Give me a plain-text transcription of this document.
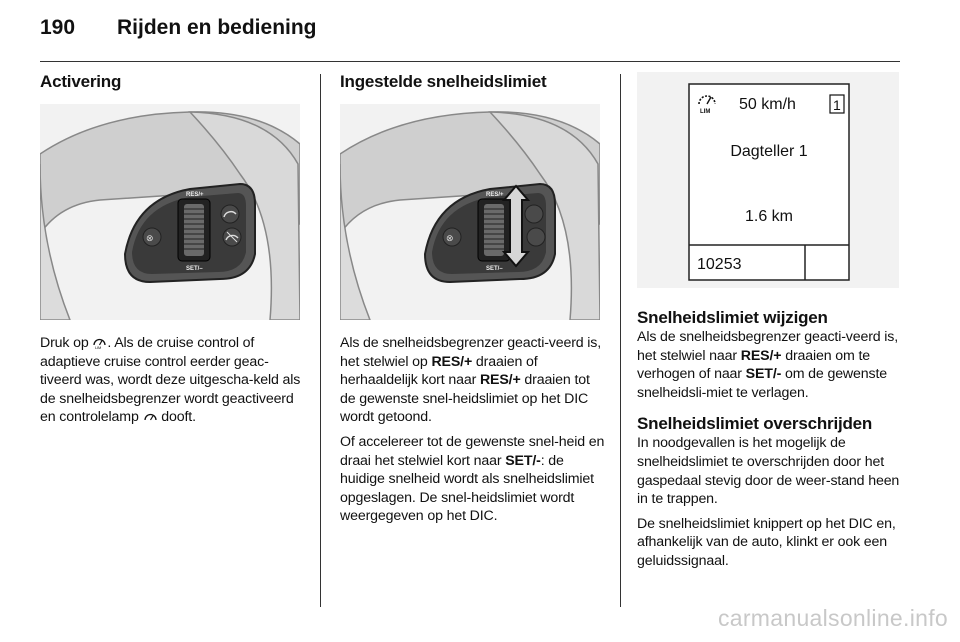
190 Rijden en bediening
Activering
RES/+
SET/–
⊗

Druk op LIM . Als de cruise control of adaptieve cruise control eerder geac-tiveerd was, wordt deze uitgescha-keld als de snelheidsbegrenzer wordt geactiveerd en controlelamp  dooft.

Ingestelde snelheidslimiet
RES/+
SET/–
⊗

Als de snelheidsbegrenzer geacti-veerd is, het stelwiel op RES/+ draaien of herhaaldelijk kort naar RES/+ draaien tot de gewenste snel-heidslimiet op het DIC wordt getoond.

Of accelereer tot de gewenste snel-heid en draai het stelwiel kort naar SET/-: de huidige snelheid wordt als snelheidslimiet opgeslagen. De snel-heidslimiet wordt weergegeven op het DIC.

LIM 50 km/h	1
Dagteller 1
1.6 km
10253
Snelheidslimiet wijzigen

Als de snelheidsbegrenzer geacti-veerd is, het stelwiel naar RES/+ draaien om te verhogen of naar SET/- om de gewenste snelheidsli-miet te verlagen.

Snelheidslimiet overschrijden

In noodgevallen is het mogelijk de snelheidslimiet te overschrijden door het gaspedaal stevig door de weer-stand heen in te trappen.

De snelheidslimiet knippert op het DIC en, afhankelijk van de auto, klinkt er ook een geluidssignaal.

carmanualsonline.info
